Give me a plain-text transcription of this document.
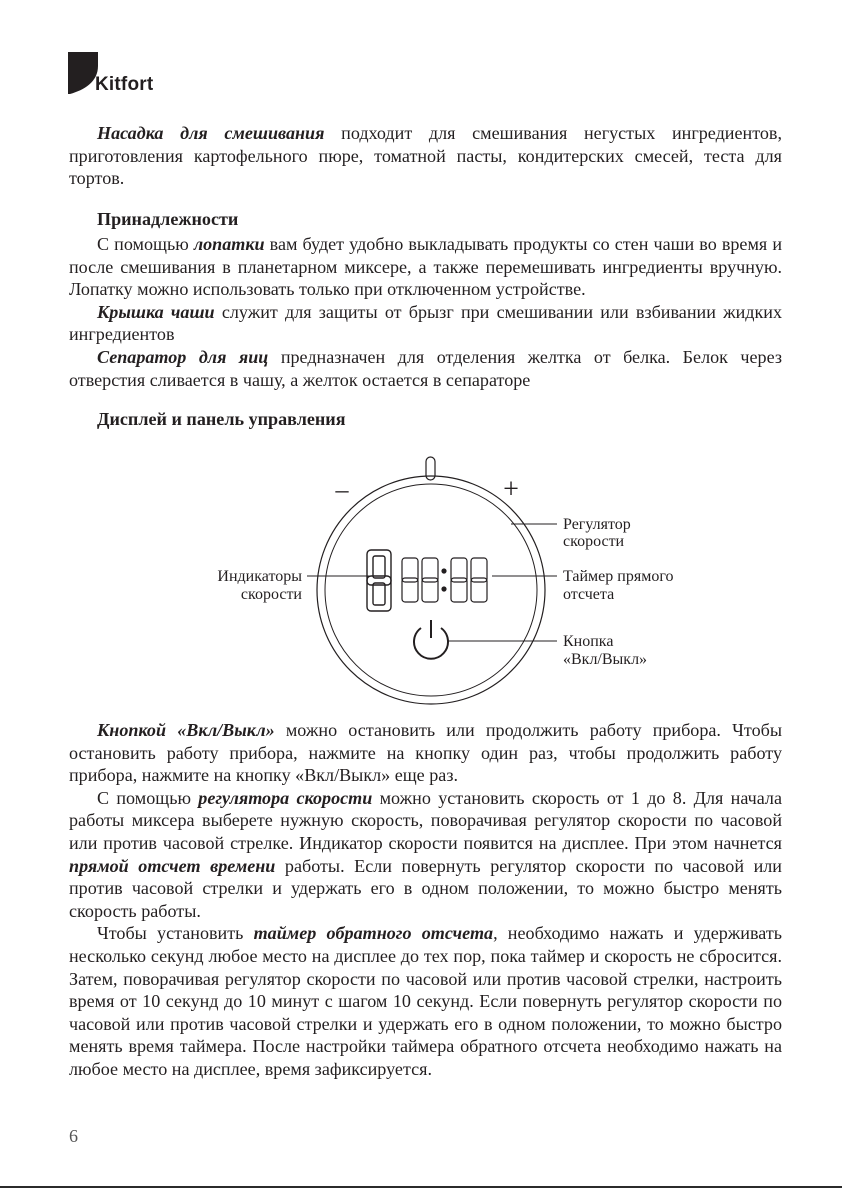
Kitfort

Насадка для смешивания подходит для смешивания негустых ингредиентов, приготовления картофельного пюре, томатной пасты, кондитерских смесей, теста для тортов.

Принадлежности

С помощью лопатки вам будет удобно выкладывать продукты со стен чаши во время и после смешивания в планетарном миксере, а также перемешивать ингредиенты вручную. Лопатку можно использовать только при отключенном устройстве.

Крышка чаши служит для защиты от брызг при смешивании или взбивании жидких ингредиентов

Сепаратор для яиц предназначен для отделения желтка от белка. Белок через отверстия сливается в чашу, а желток остается в сепараторе

Дисплей и панель управления
–	+
Регулятор
скорости
Индикаторы
скорости
Таймер прямого
отсчета
Кнопка
«Вкл/Выкл»

Кнопкой «Вкл/Выкл» можно остановить или продолжить работу прибора. Чтобы остановить работу прибора, нажмите на кнопку один раз, чтобы продолжить работу прибора, нажмите на кнопку «Вкл/Выкл» еще раз.

С помощью регулятора скорости можно установить скорость от 1 до 8. Для начала работы миксера выберете нужную скорость, поворачивая регулятор скорости по часовой или против часовой стрелке. Индикатор скорости появится на дисплее. При этом начнется прямой отсчет времени работы. Если повернуть регулятор скорости по часовой или против часовой стрелки и удержать его в одном положении, то можно быстро менять скорость работы.

Чтобы установить таймер обратного отсчета, необходимо нажать и удерживать несколько секунд любое место на дисплее до тех пор, пока таймер и скорость не сбросится. Затем, поворачивая регулятор скорости по часовой или против часовой стрелки, настроить время от 10 секунд до 10 минут с шагом 10 секунд. Если повернуть регулятор скорости по часовой или против часовой стрелки и удержать его в одном положении, то можно быстро менять время таймера. После настройки таймера обратного отсчета необходимо нажать на любое место на дисплее, время зафиксируется.

6
